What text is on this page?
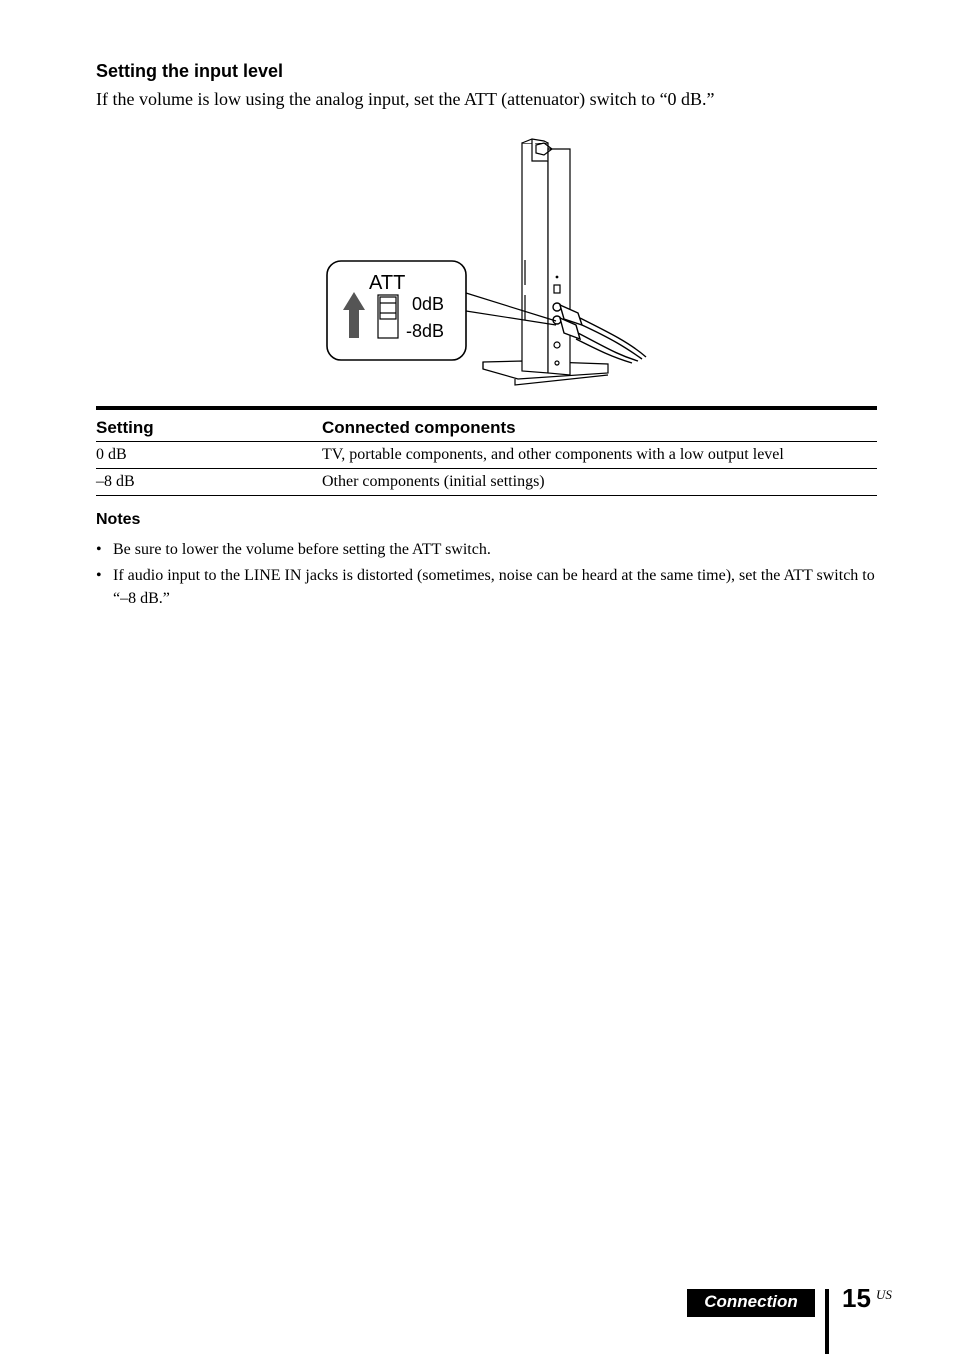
Setting the input level

If the volume is low using the analog input, set the ATT (attenuator) switch to “0 dB.”

ATT
0dB
-8dB
Setting	Connected components
0 dB	TV, portable components, and other components with a low output level
–8 dB	Other components (initial settings)
Notes
• Be sure to lower the volume before setting the ATT switch.
• If audio input to the LINE IN jacks is distorted (sometimes, noise can be heard at the same time), set the ATT switch to “–8 dB.”
Connection	15 US
